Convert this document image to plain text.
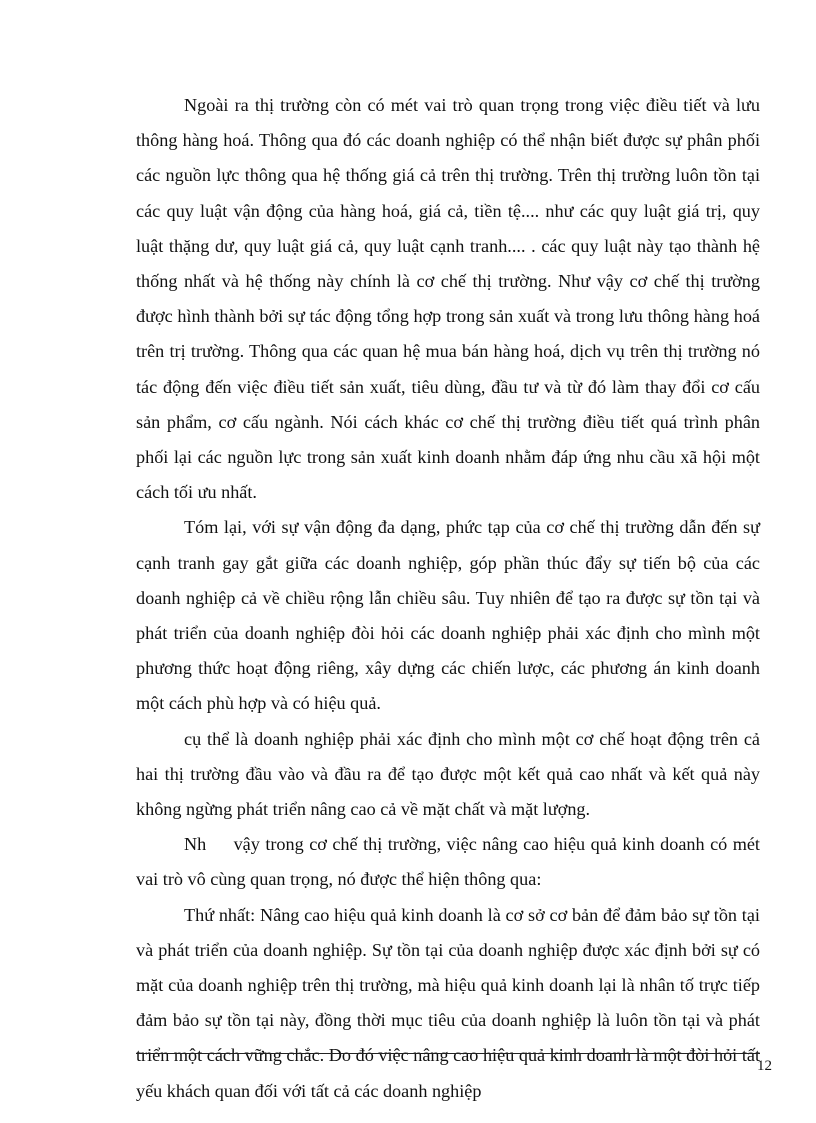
Ngoài ra thị trường còn có mét vai trò quan trọng trong việc điều tiết và lưu thông hàng hoá. Thông qua đó các doanh nghiệp có thể nhận biết được sự phân phối các nguồn lực thông qua hệ thống giá cả trên thị trường. Trên thị trường luôn tồn tại các quy luật vận động của hàng hoá, giá cả, tiền tệ.... như các quy luật giá trị, quy luật thặng dư, quy luật giá cả, quy luật cạnh tranh.... . các quy luật này tạo thành hệ thống nhất và hệ thống này chính là cơ chế thị trường. Như vậy cơ chế thị trường được hình thành bởi sự tác động tổng hợp trong sản xuất và trong lưu thông hàng hoá trên trị trường. Thông qua các quan hệ mua bán hàng hoá, dịch vụ trên thị trường nó tác động đến việc điều tiết sản xuất, tiêu dùng, đầu tư và từ đó làm thay đổi cơ cấu sản phẩm, cơ cấu ngành. Nói cách khác cơ chế thị trường điều tiết quá trình phân phối lại các nguồn lực trong sản xuất kinh doanh nhằm đáp ứng nhu cầu xã hội một cách tối ưu nhất.

Tóm lại, với sự vận động đa dạng, phức tạp của cơ chế thị trường dẫn đến sự cạnh tranh gay gắt giữa các doanh nghiệp, góp phần thúc đẩy sự tiến bộ của các doanh nghiệp cả về chiều rộng lẫn chiều sâu. Tuy nhiên để tạo ra được sự tồn tại và phát triển của doanh nghiệp đòi hỏi các doanh nghiệp phải xác định cho mình một phương thức hoạt động riêng, xây dựng các chiến lược, các phương án kinh doanh một cách phù hợp và có hiệu quả.

cụ thể là doanh nghiệp phải xác định cho mình một cơ chế hoạt động trên cả hai thị trường đầu vào và đầu ra để tạo được một kết quả cao nhất và kết quả này không ngừng phát triển nâng cao cả về mặt chất và mặt lượng.

Nh     vậy trong cơ chế thị trường, việc nâng cao hiệu quả kinh doanh có mét vai trò vô cùng quan trọng, nó được thể hiện thông qua:

Thứ nhất: Nâng cao hiệu quả kinh doanh là cơ sở cơ bản để đảm bảo sự tồn tại và phát triển của doanh nghiệp. Sự tồn tại của doanh nghiệp được xác định bởi sự có mặt của doanh nghiệp trên thị trường, mà hiệu quả kinh doanh lại là nhân tố trực tiếp đảm bảo sự tồn tại này, đồng thời mục tiêu của doanh nghiệp là luôn tồn tại và phát triển một cách vững chắc. Do đó việc nâng cao hiệu quả kinh doanh là một đòi hỏi tất yếu khách quan đối với tất cả các doanh nghiệp

12
